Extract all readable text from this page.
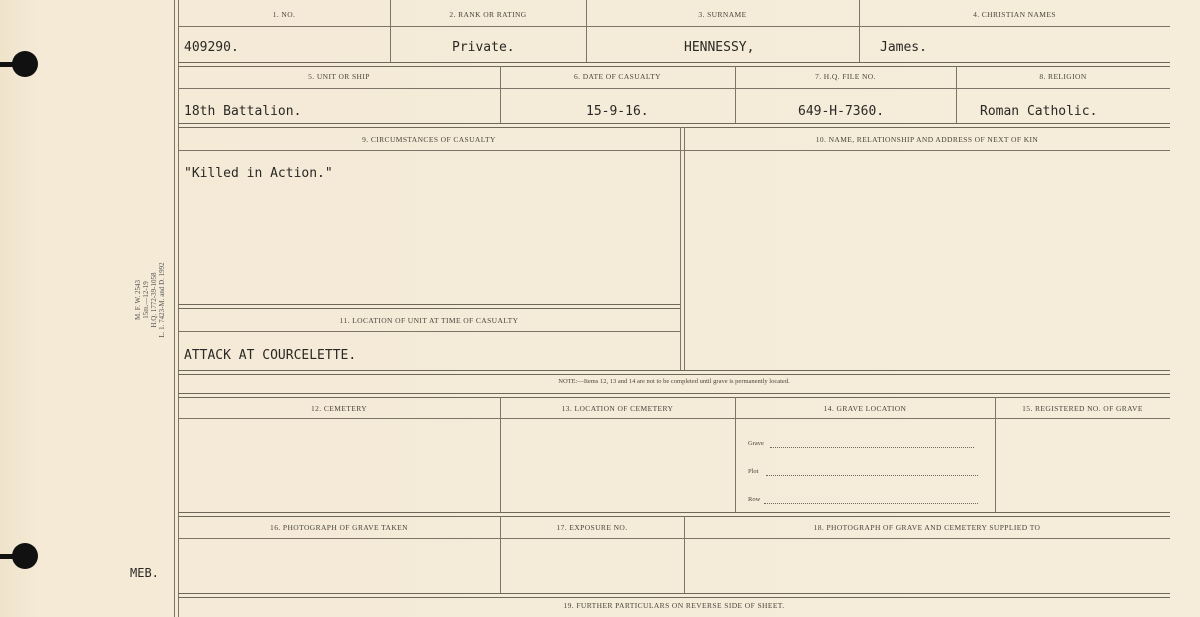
M. F. W. 2543 15m.—12-19 H.Q. 1772-39-1058 L. 1. 7423-M. and D. 1992
MEB.
1. NO.	2. RANK OR RATING	3. SURNAME	4. CHRISTIAN NAMES
409290.	Private.	HENNESSY,	James.
5. UNIT OR SHIP	6. DATE OF CASUALTY	7. H.Q. FILE NO.	8. RELIGION
18th Battalion.	15-9-16.	649-H-7360.	Roman Catholic.
9. CIRCUMSTANCES OF CASUALTY	10. NAME, RELATIONSHIP AND ADDRESS OF NEXT OF KIN
"Killed in Action."
11. LOCATION OF UNIT AT TIME OF CASUALTY
ATTACK AT COURCELETTE.
NOTE:—Items 12, 13 and 14 are not to be completed until grave is permanently located.
12. CEMETERY	13. LOCATION OF CEMETERY	14. GRAVE LOCATION	15. REGISTERED NO. OF GRAVE
Grave
Plot
Row
16. PHOTOGRAPH OF GRAVE TAKEN	17. EXPOSURE NO.	18. PHOTOGRAPH OF GRAVE AND CEMETERY SUPPLIED TO
19. FURTHER PARTICULARS ON REVERSE SIDE OF SHEET.
